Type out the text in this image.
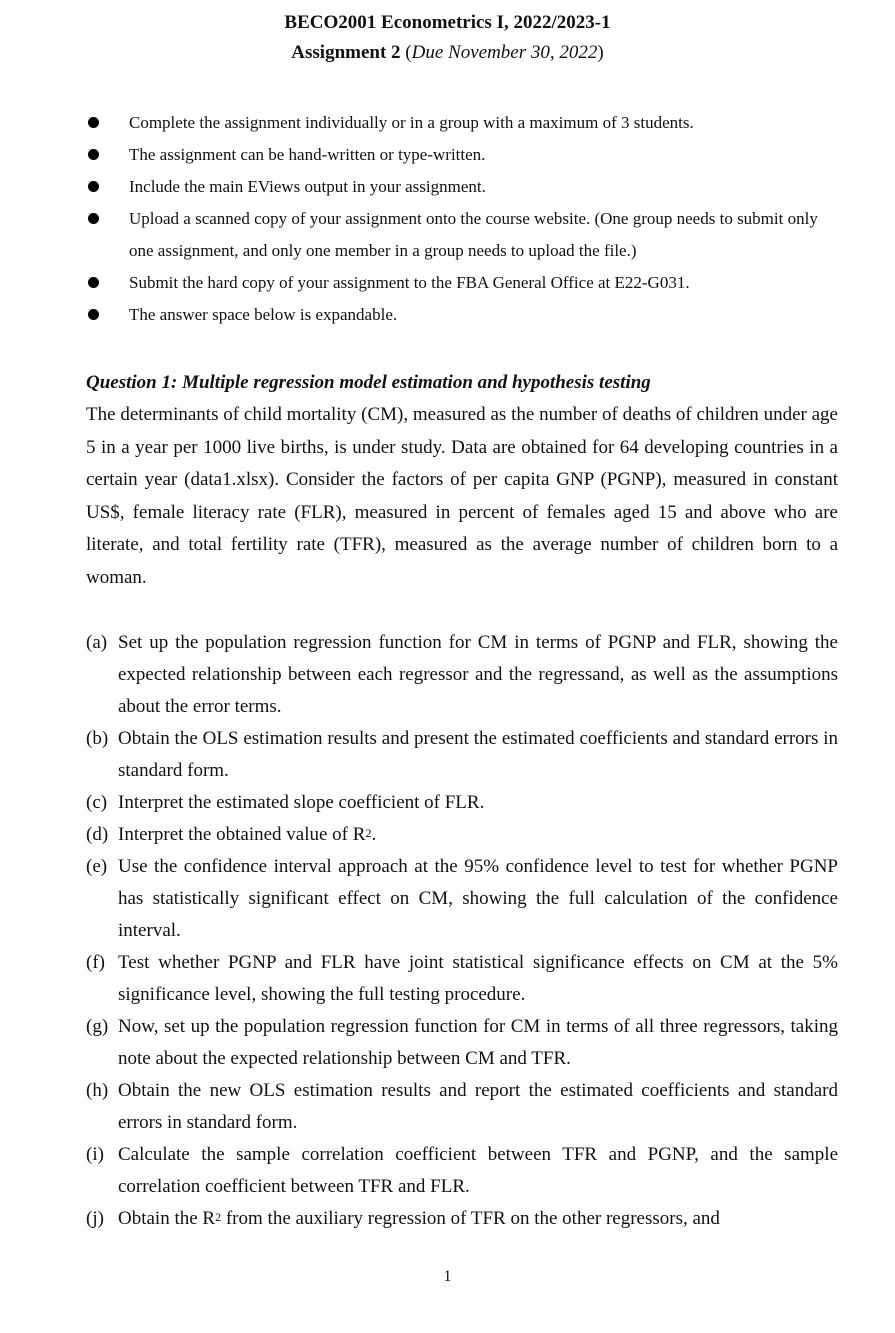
BECO2001 Econometrics I, 2022/2023-1
Assignment 2 (Due November 30, 2022)
Complete the assignment individually or in a group with a maximum of 3 students.
The assignment can be hand-written or type-written.
Include the main EViews output in your assignment.
Upload a scanned copy of your assignment onto the course website. (One group needs to submit only one assignment, and only one member in a group needs to upload the file.)
Submit the hard copy of your assignment to the FBA General Office at E22-G031.
The answer space below is expandable.
Question 1: Multiple regression model estimation and hypothesis testing
The determinants of child mortality (CM), measured as the number of deaths of children under age 5 in a year per 1000 live births, is under study. Data are obtained for 64 developing countries in a certain year (data1.xlsx). Consider the factors of per capita GNP (PGNP), measured in constant US$, female literacy rate (FLR), measured in percent of females aged 15 and above who are literate, and total fertility rate (TFR), measured as the average number of children born to a woman.
(a) Set up the population regression function for CM in terms of PGNP and FLR, showing the expected relationship between each regressor and the regressand, as well as the assumptions about the error terms.
(b) Obtain the OLS estimation results and present the estimated coefficients and standard errors in standard form.
(c) Interpret the estimated slope coefficient of FLR.
(d) Interpret the obtained value of $R^2$.
(e) Use the confidence interval approach at the 95% confidence level to test for whether PGNP has statistically significant effect on CM, showing the full calculation of the confidence interval.
(f) Test whether PGNP and FLR have joint statistical significance effects on CM at the 5% significance level, showing the full testing procedure.
(g) Now, set up the population regression function for CM in terms of all three regressors, taking note about the expected relationship between CM and TFR.
(h) Obtain the new OLS estimation results and report the estimated coefficients and standard errors in standard form.
(i) Calculate the sample correlation coefficient between TFR and PGNP, and the sample correlation coefficient between TFR and FLR.
(j) Obtain the $R^2$ from the auxiliary regression of TFR on the other regressors, and
1
